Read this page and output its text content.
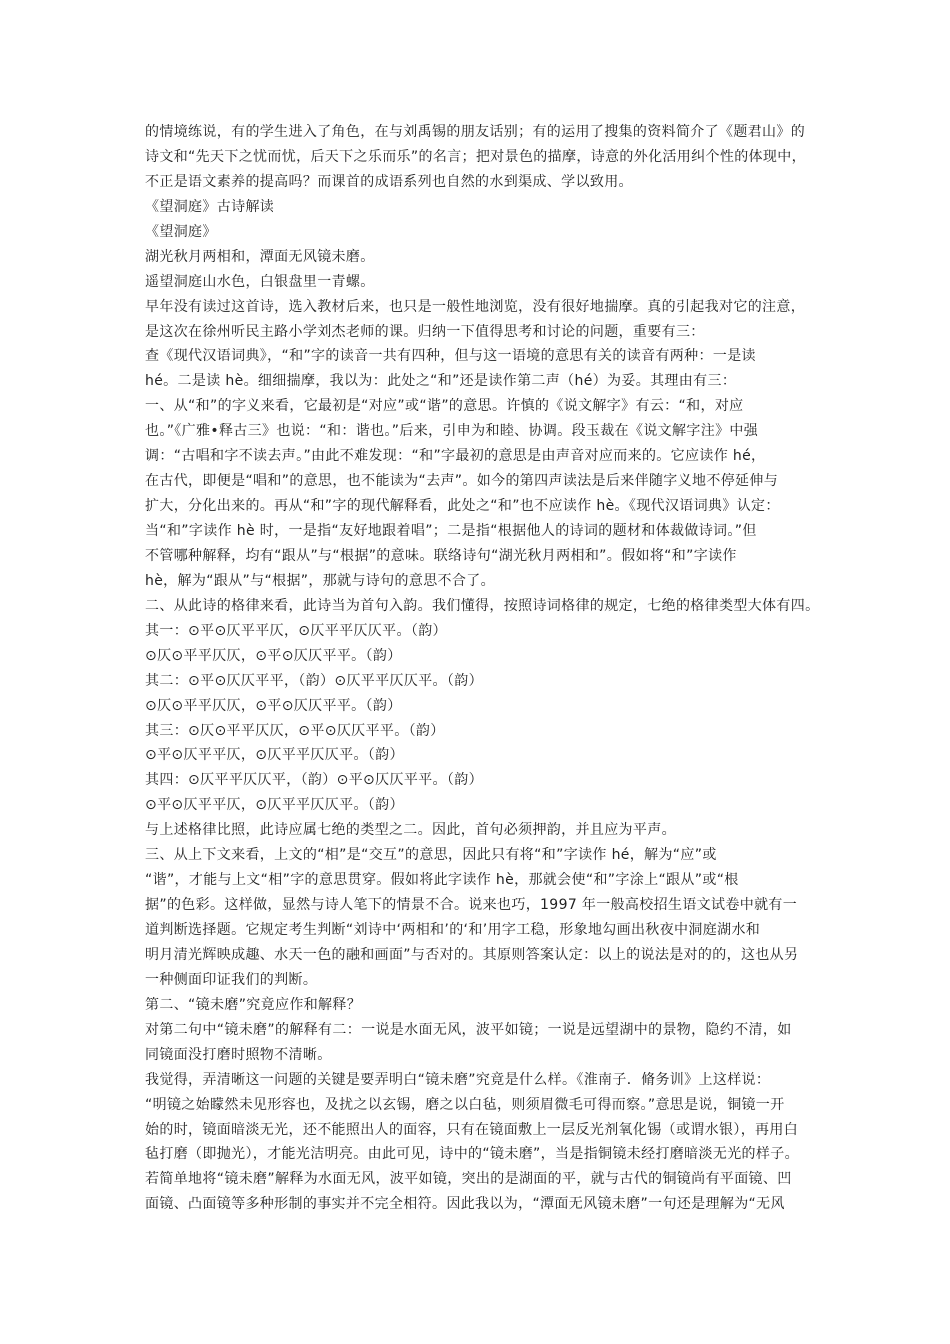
的情境练说，有的学生进入了角色，在与刘禹锡的朋友话别；有的运用了搜集的资料简介了《题君山》的
诗文和“先天下之忧而忧，后天下之乐而乐”的名言；把对景色的描摩，诗意的外化活用纠个性的体现中，
不正是语文素养的提高吗？而课首的成语系列也自然的水到渠成、学以致用。
《望洞庭》古诗解读
《望洞庭》
湖光秋月两相和，潭面无风镜未磨。
遥望洞庭山水色，白银盘里一青螺。
早年没有读过这首诗，选入教材后来，也只是一般性地浏览，没有很好地揣摩。真的引起我对它的注意，
是这次在徐州听民主路小学刘杰老师的课。归纳一下值得思考和讨论的问题，重要有三：
查《现代汉语词典》，“和”字的读音一共有四种，但与这一语境的意思有关的读音有两种：一是读
hé。二是读 hè。细细揣摩，我以为：此处之“和”还是读作第二声（hé）为妥。其理由有三：
一、从“和”的字义来看，它最初是“对应”或“谐”的意思。许慎的《说文解字》有云：“和，对应
也。”《广雅•释古三》也说：“和：谐也。”后来，引申为和睦、协调。段玉裁在《说文解字注》中强
调：“古唱和字不读去声。”由此不难发现：“和”字最初的意思是由声音对应而来的。它应读作 hé，
在古代，即便是“唱和”的意思，也不能读为“去声”。如今的第四声读法是后来伴随字义地不停延伸与
扩大，分化出来的。再从“和”字的现代解释看，此处之“和”也不应读作 hè。《现代汉语词典》认定：
当“和”字读作 hè 时，一是指“友好地跟着唱”；二是指“根据他人的诗词的题材和体裁做诗词。”但
不管哪种解释，均有“跟从”与“根据”的意味。联络诗句“湖光秋月两相和”。假如将“和”字读作
hè，解为“跟从”与“根据”，那就与诗句的意思不合了。
二、从此诗的格律来看，此诗当为首句入韵。我们懂得，按照诗词格律的规定，七绝的格律类型大体有四。
其一：⊙平⊙仄平平仄，⊙仄平平仄仄平。（韵）
⊙仄⊙平平仄仄，⊙平⊙仄仄平平。（韵）
其二：⊙平⊙仄仄平平，（韵）⊙仄平平仄仄平。（韵）
⊙仄⊙平平仄仄，⊙平⊙仄仄平平。（韵）
其三：⊙仄⊙平平仄仄，⊙平⊙仄仄平平。（韵）
⊙平⊙仄平平仄，⊙仄平平仄仄平。（韵）
其四：⊙仄平平仄仄平，（韵）⊙平⊙仄仄平平。（韵）
⊙平⊙仄平平仄，⊙仄平平仄仄平。（韵）
与上述格律比照，此诗应属七绝的类型之二。因此，首句必须押韵，并且应为平声。
三、从上下文来看，上文的“相”是“交互”的意思，因此只有将“和”字读作 hé，解为“应”或
“谐”，才能与上文“相”字的意思贯穿。假如将此字读作 hè，那就会使“和”字涂上“跟从”或“根
据”的色彩。这样做，显然与诗人笔下的情景不合。说来也巧，1997 年一般高校招生语文试卷中就有一
道判断选择题。它规定考生判断“刘诗中‘两相和’的‘和’用字工稳，形象地勾画出秋夜中洞庭湖水和
明月清光辉映成趣、水天一色的融和画面”与否对的。其原则答案认定：以上的说法是对的的，这也从另
一种侧面印证我们的判断。
第二、“镜未磨”究竟应作和解释？
对第二句中“镜未磨”的解释有二：一说是水面无风，波平如镜；一说是远望湖中的景物，隐约不清，如
同镜面没打磨时照物不清晰。
我觉得，弄清晰这一问题的关键是要弄明白“镜未磨”究竟是什么样。《淮南子．脩务训》上这样说：
“明镜之始矇然未见形容也，及扰之以玄锡，磨之以白毡，则须眉微毛可得而察。”意思是说，铜镜一开
始的时，镜面暗淡无光，还不能照出人的面容，只有在镜面敷上一层反光剂氧化锡（或谓水银），再用白
毡打磨（即抛光），才能光洁明亮。由此可见，诗中的“镜未磨”，当是指铜镜未经打磨暗淡无光的样子。
若简单地将“镜未磨”解释为水面无风，波平如镜，突出的是湖面的平，就与古代的铜镜尚有平面镜、凹
面镜、凸面镜等多种形制的事实并不完全相符。因此我以为，“潭面无风镜未磨”一句还是理解为“无风
